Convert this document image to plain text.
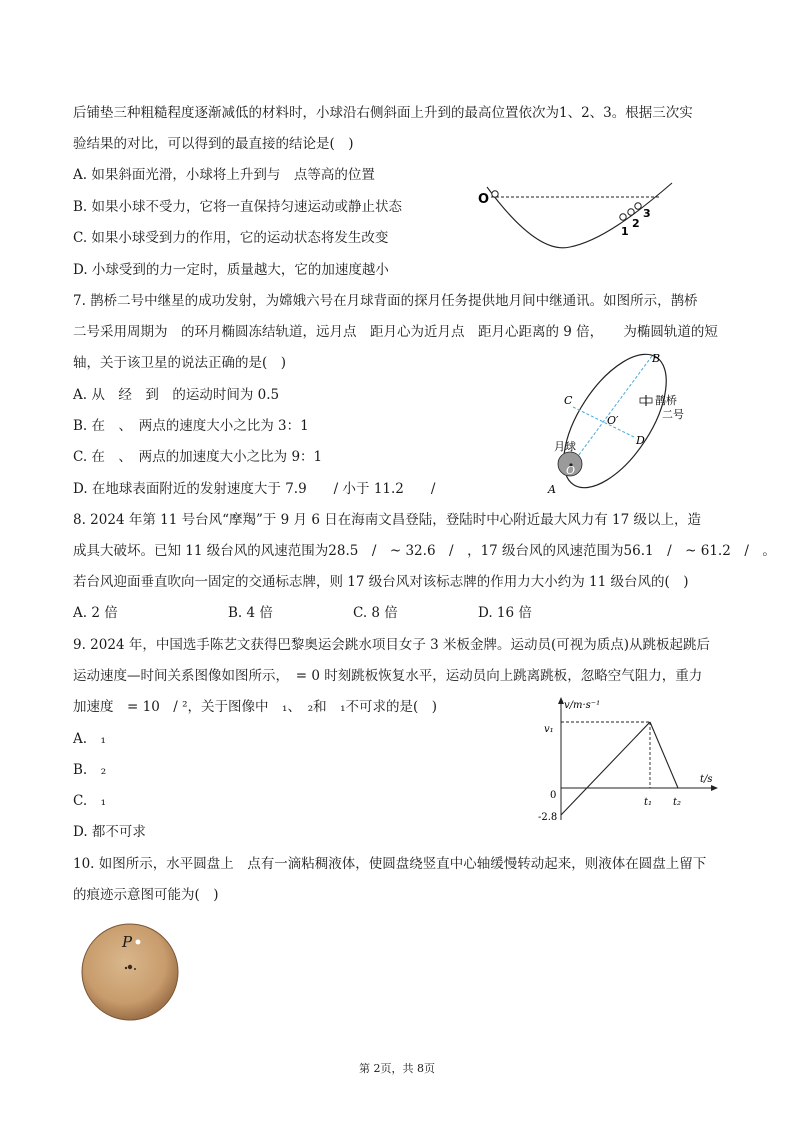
后铺垫三种粗糙程度逐渐减低的材料时，小球沿右侧斜面上升到的最高位置依次为1、2、3。根据三次实
验结果的对比，可以得到的最直接的结论是(　)
A. 如果斜面光滑，小球将上升到与　点等高的位置
B. 如果小球不受力，它将一直保持匀速运动或静止状态
C. 如果小球受到力的作用，它的运动状态将发生改变
D. 小球受到的力一定时，质量越大，它的加速度越小
O
1
2
3
7. 鹊桥二号中继星的成功发射，为嫦娥六号在月球背面的探月任务提供地月间中继通讯。如图所示，鹊桥
二号采用周期为　的环月椭圆冻结轨道，远月点　距月心为近月点　距月心距离的 9 倍，　　为椭圆轨道的短
轴，关于该卫星的说法正确的是(　)
A. 从　经　到　的运动时间为 0.5
B. 在　、　两点的速度大小之比为 3：1
C. 在　、　两点的加速度大小之比为 9：1
D. 在地球表面附近的发射速度大于 7.9　　/ 小于 11.2　　/
B
A
C
D
O′
O
月球
鹊桥
二号
8. 2024 年第 11 号台风“摩羯”于 9 月 6 日在海南文昌登陆，登陆时中心附近最大风力有 17 级以上，造
成具大破坏。已知 11 级台风的风速范围为28.5　/　~ 32.6　/　，17 级台风的风速范围为56.1　/　~ 61.2　/　。
若台风迎面垂直吹向一固定的交通标志牌，则 17 级台风对该标志牌的作用力大小约为 11 级台风的(　)
A. 2 倍	B. 4 倍	C. 8 倍	D. 16 倍
9. 2024 年，中国选手陈艺文获得巴黎奥运会跳水项目女子 3 米板金牌。运动员(可视为质点)从跳板起跳后
运动速度—时间关系图像如图所示，　= 0 时刻跳板恢复水平，运动员向上跳离跳板，忽略空气阻力，重力
加速度　= 10　/ ²，关于图像中　₁、　₂和　₁不可求的是(　)
A.　₁
B.　₂
C.　₁
D. 都不可求
v/m·s⁻¹
v₁
t/s
0
-2.8
t₁ t₂
10. 如图所示，水平圆盘上　点有一滴粘稠液体，使圆盘绕竖直中心轴缓慢转动起来，则液体在圆盘上留下
的痕迹示意图可能为(　)
P
第 2页，共 8页
